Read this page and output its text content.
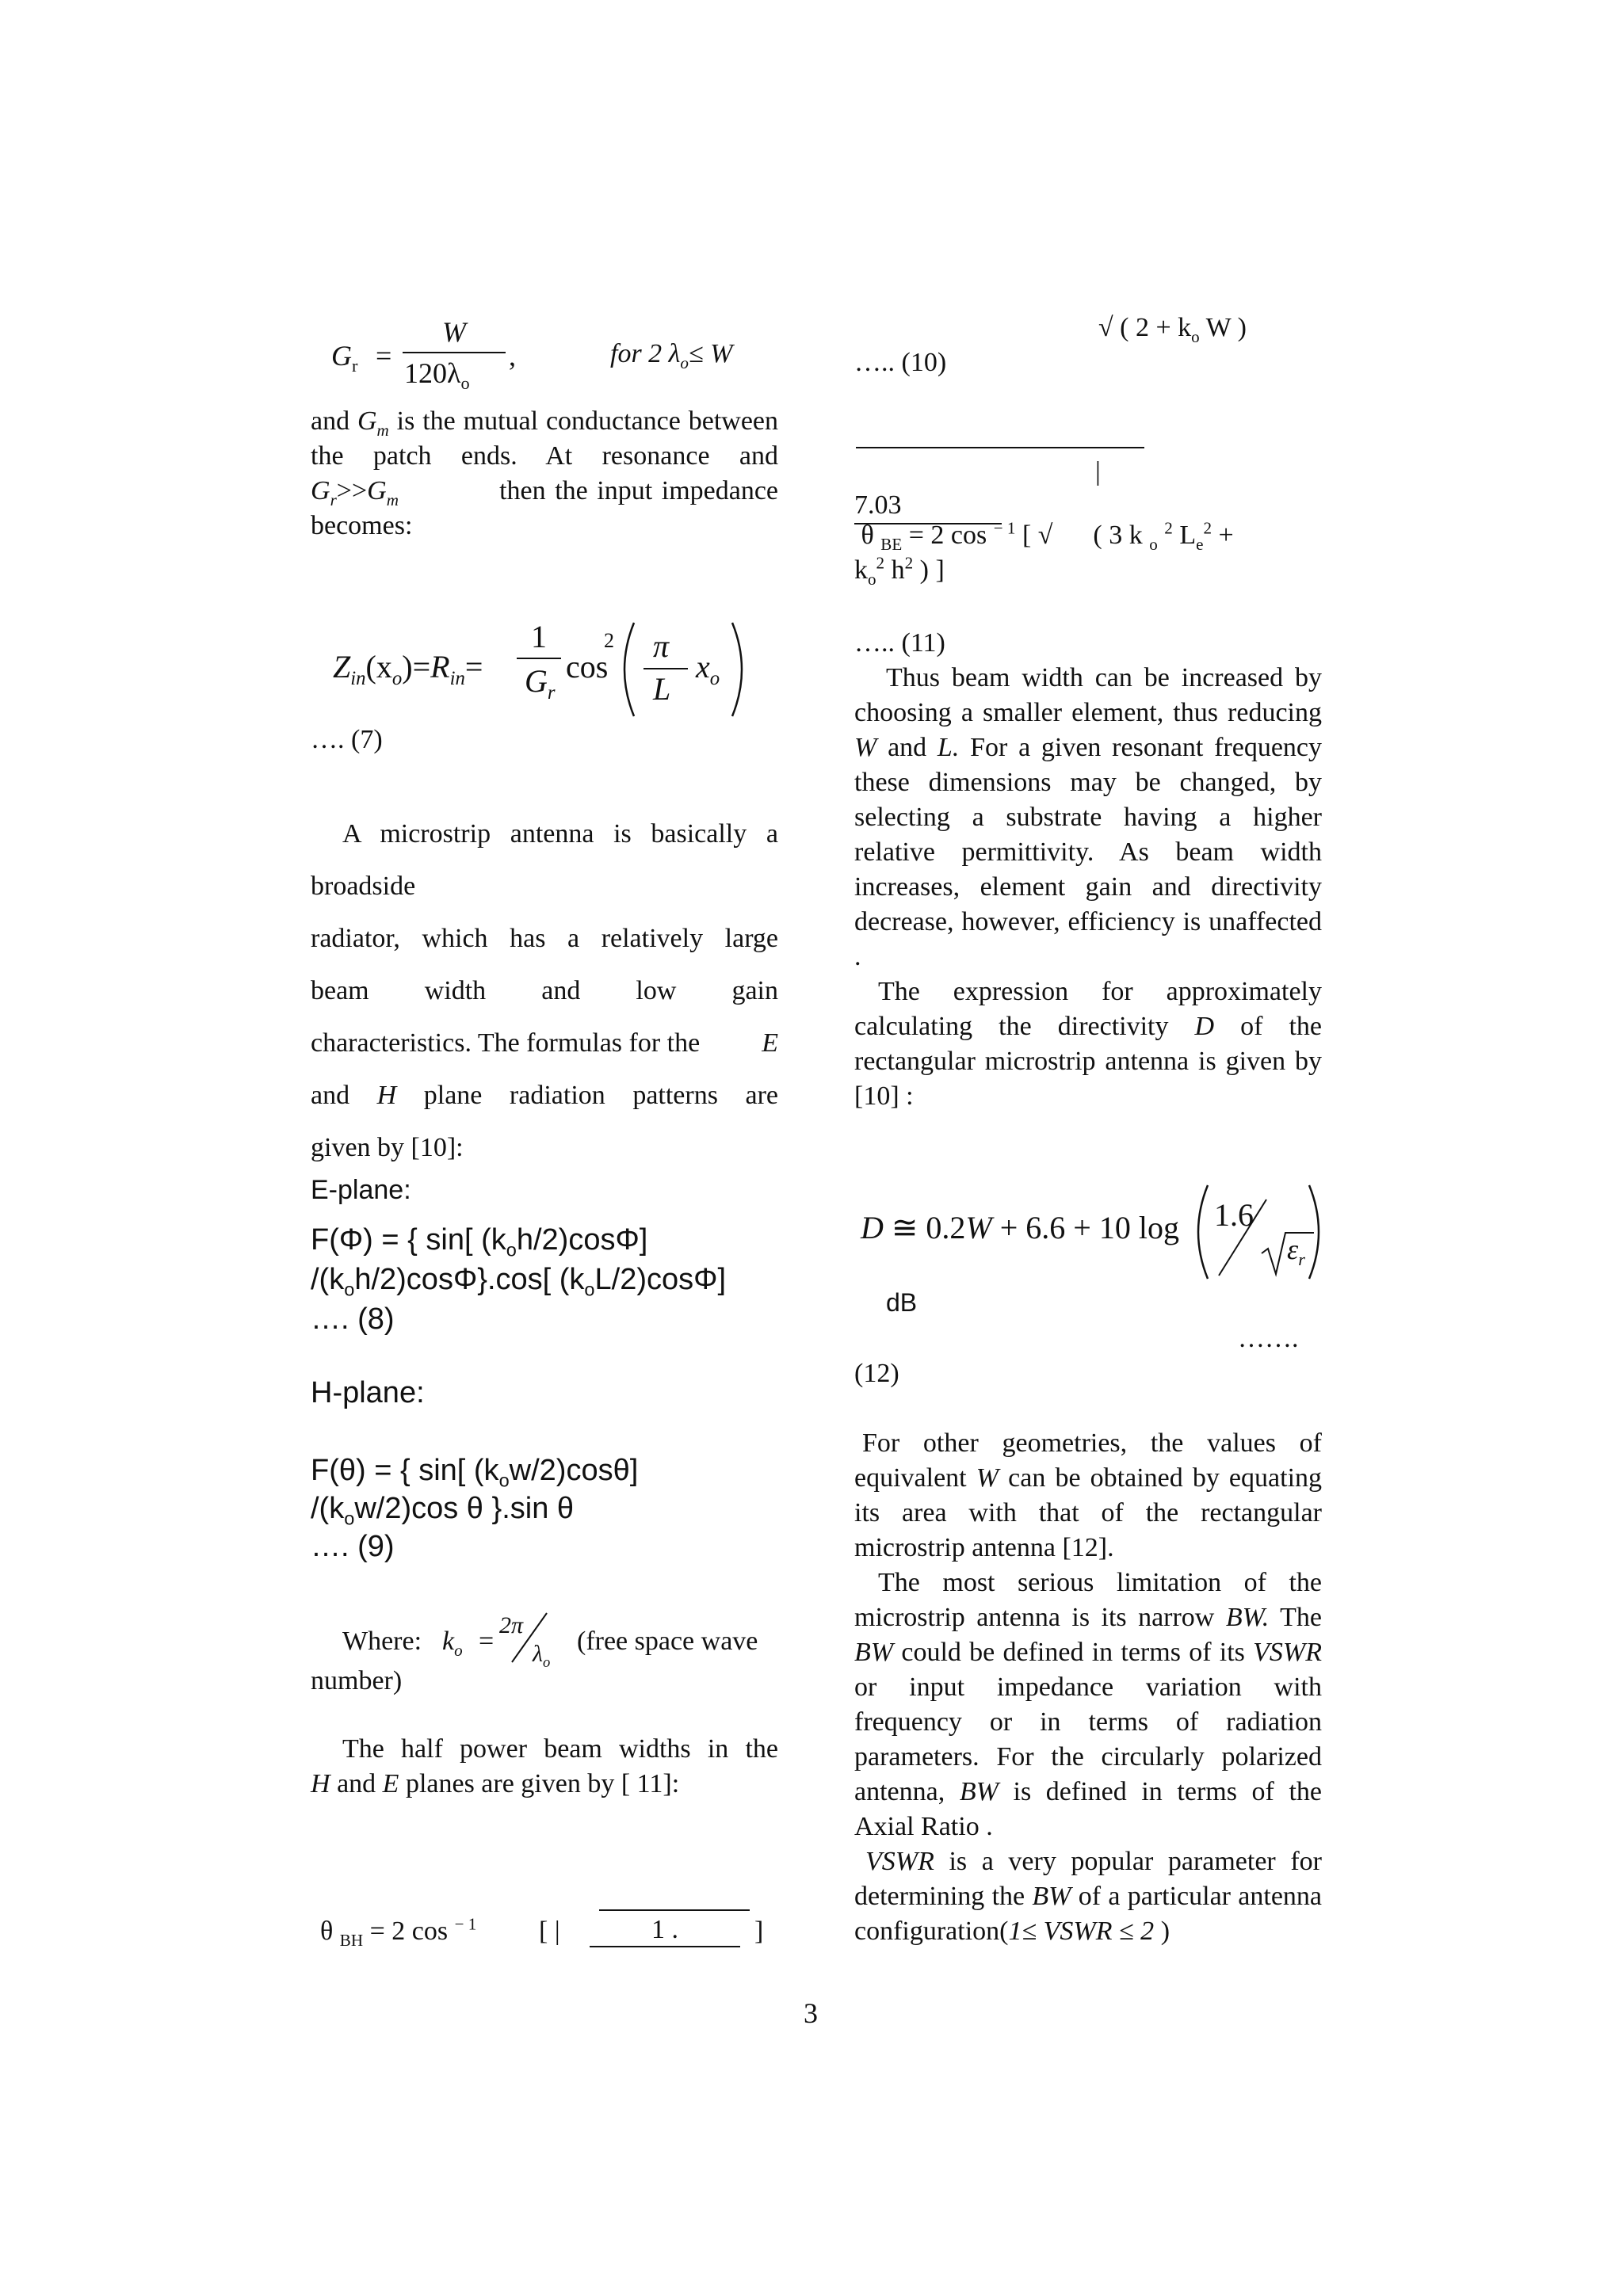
$G_r$ =
W
$120\lambda_o$
,	for 2 $\lambda_o\le W$
and $G_m$ is the mutual conductance between the patch ends. At resonance and $G_r>>G_m$	then the input impedance becomes:
$Z_{in}(x_o)=R_{in}=$
1
$G_r$
cos
2 π
L
$x_o$
…. (7)
A microstrip antenna is basically a
broadside
radiator, which has a relatively large
beam width and low gain
characteristics. The formulas for the E
and H plane radiation patterns are
given by [10]:
E-plane:
F(Φ) = { sin[ $(k_oh/2)\cos\Phi$]
$/(k_oh/2)\cos\Phi\}.\cos$[ $(k_oL/2)\cos\Phi$]
…. (8)
H-plane:
F(θ) = { sin[ $(k_ow/2)\cos\theta$]
$/(k_ow/2)\cos$ θ }.sin θ
…. (9)
Where: $k_o$ =
2π
$\lambda_o$
(free space wave
number)
The half power beam widths in the
H and E planes are given by [ 11]:
θ $_{BH}$ = 2 cos $^{- 1}$ [ |	1 .	]
√ ( $2 + k_o$ W )
….. (10)
|
7.03
θ $_{BE}$ = 2 cos $^{- 1}$ [ √ ( 3 k $_o$ $^2$ $L_e^2$ +
$k_o^2$ $h^2$ ) ]
….. (11)
Thus beam width can be increased by choosing a smaller element, thus reducing W and L. For a given resonant frequency these dimensions may be changed, by selecting a substrate having a higher relative permittivity. As beam width increases, element gain and directivity decrease, however, efficiency is unaffected .
The expression for approximately calculating the directivity D of the rectangular microstrip antenna is given by [10] :
D ≅ 0.2W + 6.6 + 10 log 1.6
$\varepsilon_r$
dB
…….
(12)
For other geometries, the values of equivalent W can be obtained by equating its area with that of the rectangular microstrip antenna [12].
The most serious limitation of the microstrip antenna is its narrow BW. The BW could be defined in terms of its VSWR or input impedance variation with frequency or in terms of radiation parameters. For the circularly polarized antenna, BW is defined in terms of the Axial Ratio .
VSWR is a very popular parameter for determining the BW of a particular antenna configuration(1≤ VSWR ≤ 2 )
3
